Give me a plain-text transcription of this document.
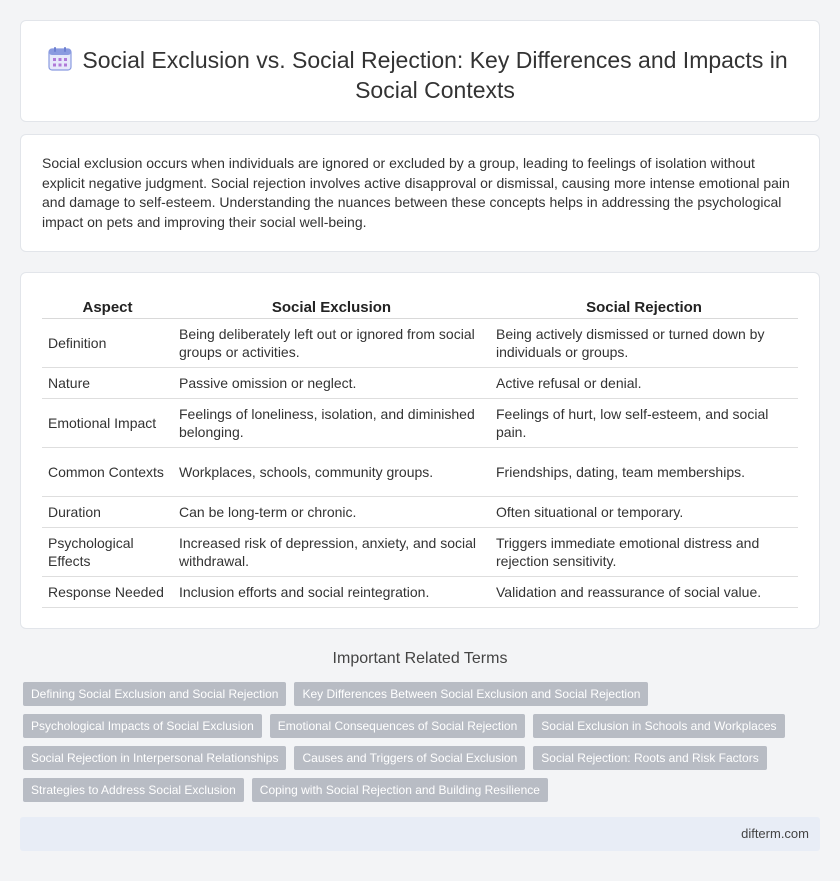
Social Exclusion vs. Social Rejection: Key Differences and Impacts in Social Contexts

Social exclusion occurs when individuals are ignored or excluded by a group, leading to feelings of isolation without explicit negative judgment. Social rejection involves active disapproval or dismissal, causing more intense emotional pain and damage to self-esteem. Understanding the nuances between these concepts helps in addressing the psychological impact on pets and improving their social well-being.

Aspect	Social Exclusion	Social Rejection
Definition	Being deliberately left out or ignored from social groups or activities.	Being actively dismissed or turned down by individuals or groups.
Nature	Passive omission or neglect.	Active refusal or denial.
Emotional Impact	Feelings of loneliness, isolation, and diminished belonging.	Feelings of hurt, low self-esteem, and social pain.
Common Contexts	Workplaces, schools, community groups.	Friendships, dating, team memberships.
Duration	Can be long-term or chronic.	Often situational or temporary.
Psychological Effects	Increased risk of depression, anxiety, and social withdrawal.	Triggers immediate emotional distress and rejection sensitivity.
Response Needed	Inclusion efforts and social reintegration.	Validation and reassurance of social value.
Important Related Terms
Defining Social Exclusion and Social Rejection	Key Differences Between Social Exclusion and Social Rejection
Psychological Impacts of Social Exclusion	Emotional Consequences of Social Rejection	Social Exclusion in Schools and Workplaces
Social Rejection in Interpersonal Relationships	Causes and Triggers of Social Exclusion	Social Rejection: Roots and Risk Factors
Strategies to Address Social Exclusion	Coping with Social Rejection and Building Resilience
difterm.com
